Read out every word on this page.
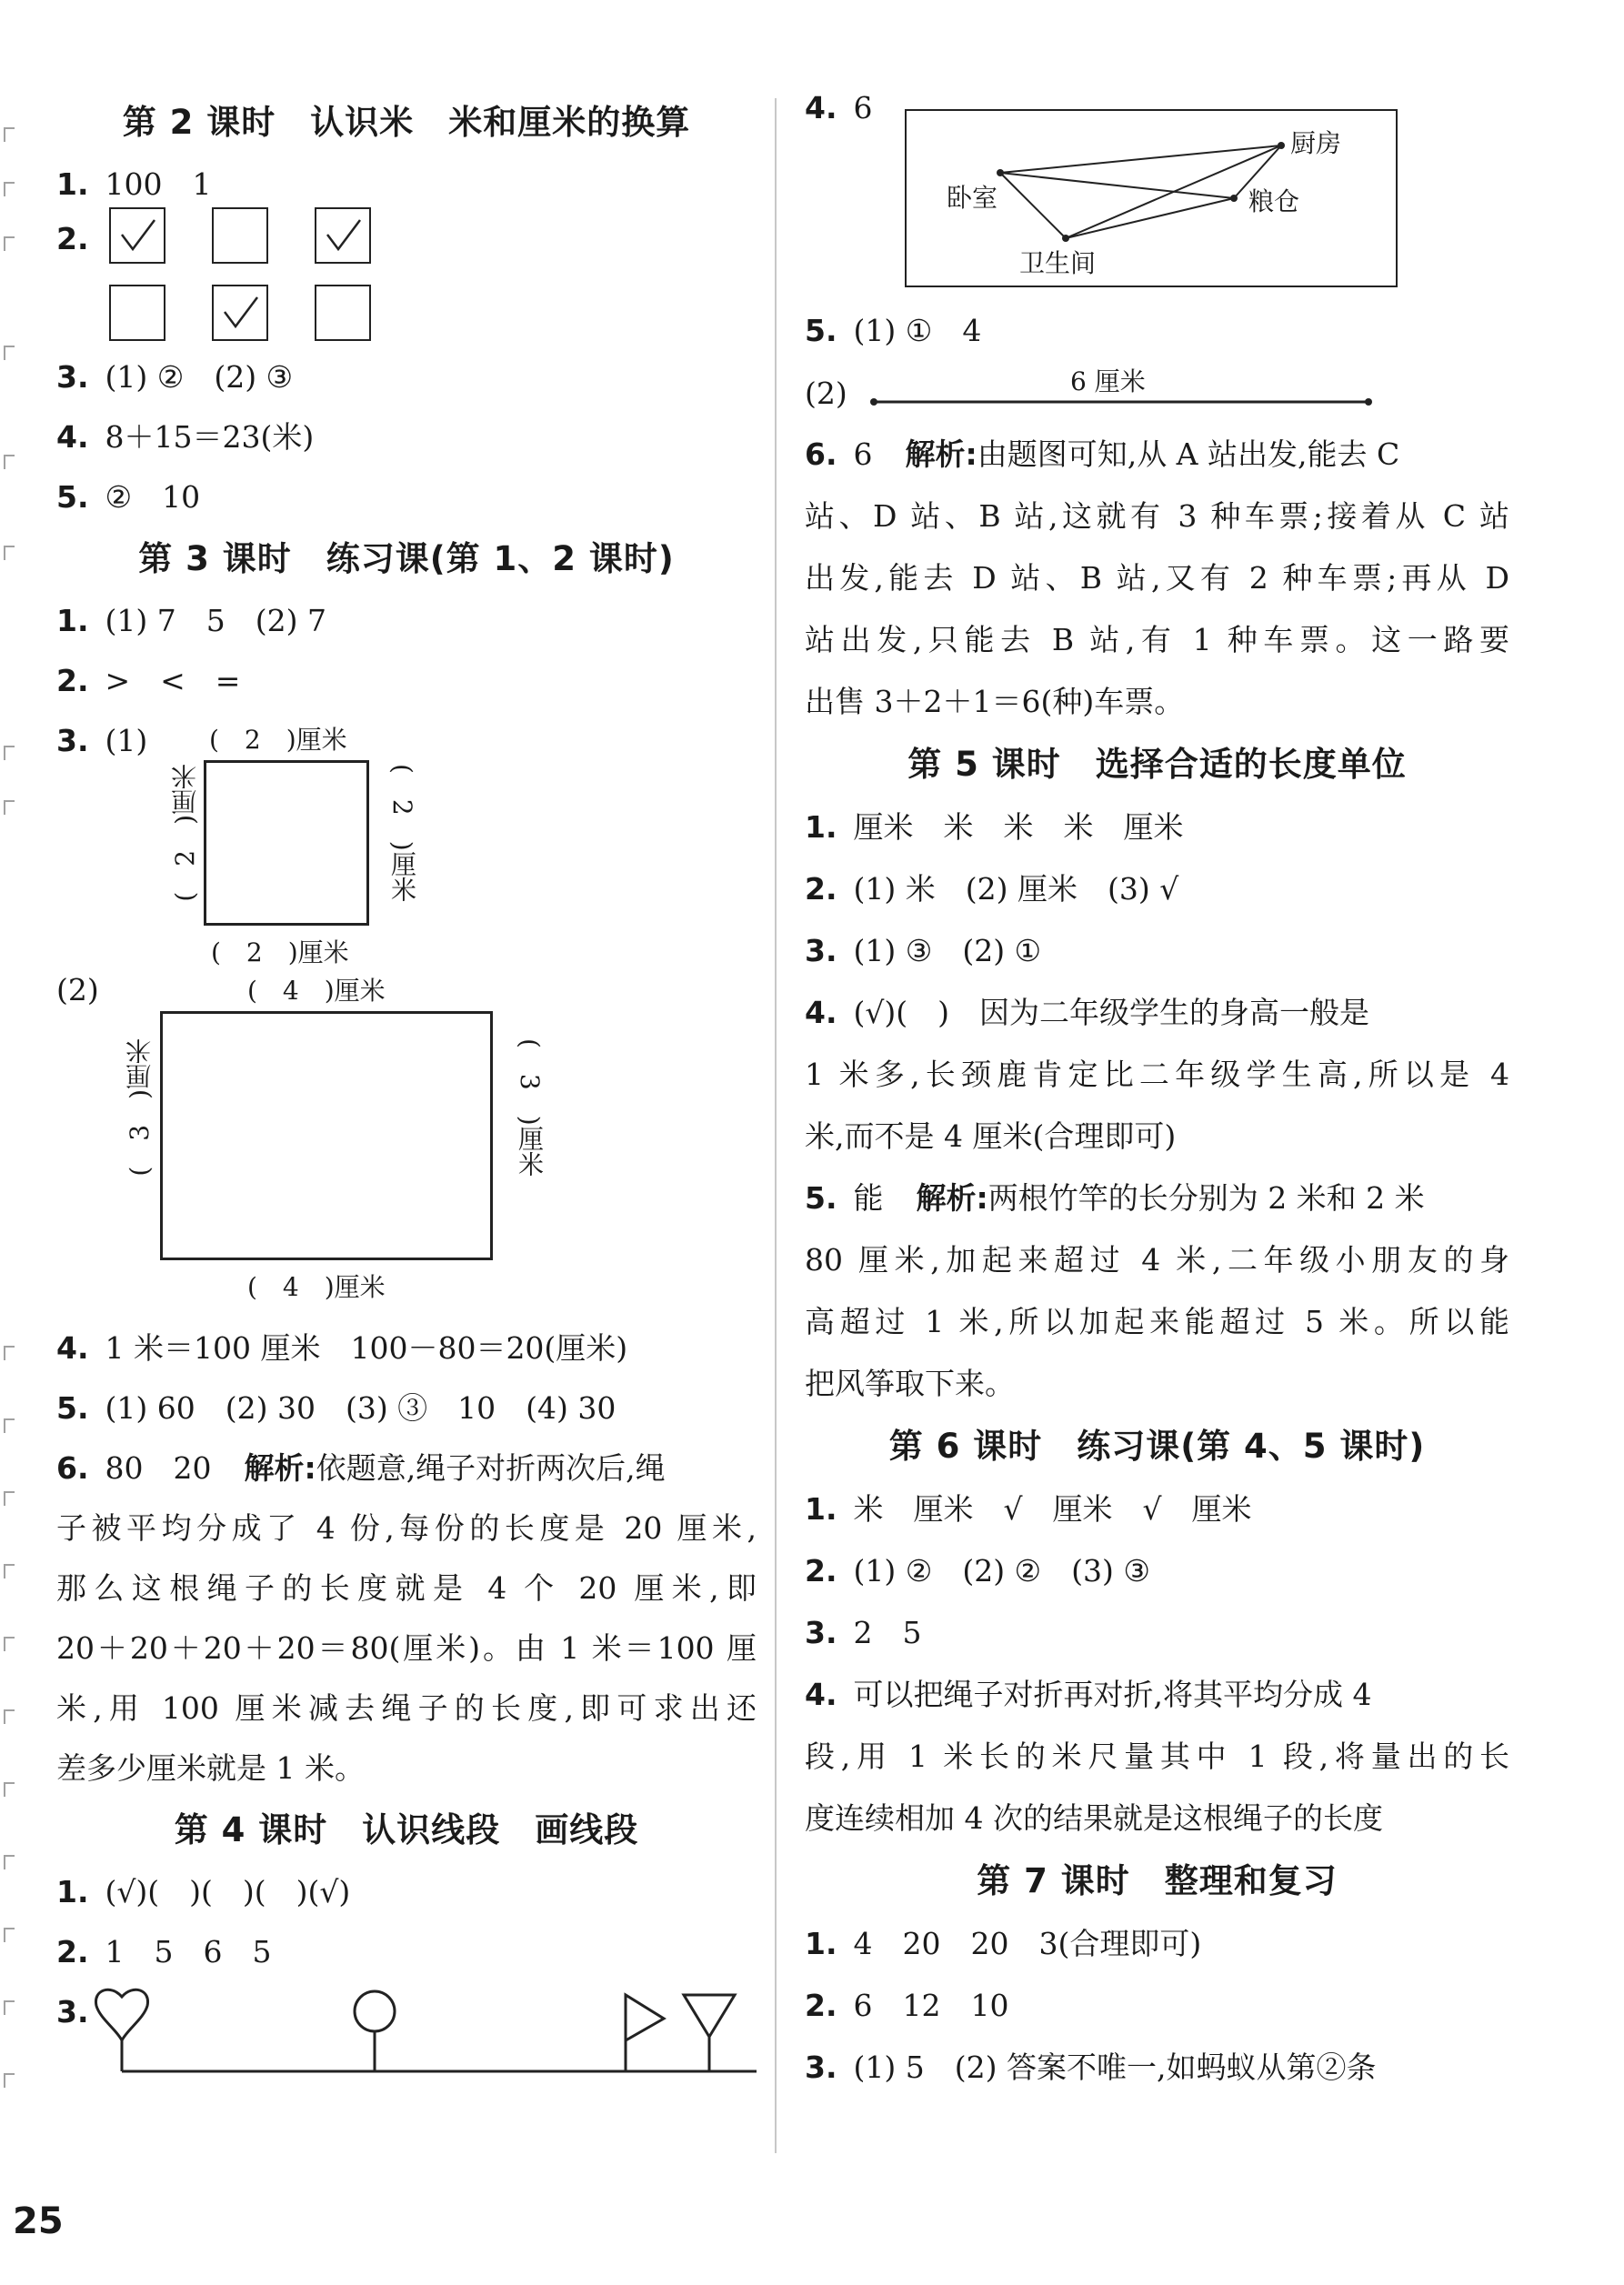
第 2 课时　认识米　米和厘米的换算
1. 100　1
2.
3. (1) ②　(2) ③
4. 8＋15＝23(米)
5. ②　10
第 3 课时　练习课(第 1、2 课时)
1. (1) 7　5　(2) 7
2. >　<　=
3. (1) (　2　)厘米
(　2　)厘米	(　2　)厘米
(　2　)厘米
(2)	(　4　)厘米
(　3　)厘米	(　3　)厘米
(　4　)厘米
4. 1 米＝100 厘米　100－80＝20(厘米)
5. (1) 60　(2) 30　(3) ③　10　(4) 30
6. 80　20 解析:依题意,绳子对折两次后,绳
子被平均分成了 4 份,每份的长度是 20 厘米,
那么这根绳子的长度就是 4 个 20 厘米,即
20＋20＋20＋20＝80(厘米)。由 1 米＝100 厘
米,用 100 厘米减去绳子的长度,即可求出还
差多少厘米就是 1 米。
第 4 课时　认识线段　画线段
1. (√)(　)(　)(　)(√)
2. 1　5　6　5
3.
4. 6
厨房
卧室	粮仓
卫生间
5. (1) ①　4
(2)	6 厘米
6. 6 解析:由题图可知,从 A 站出发,能去 C
站、D 站、B 站,这就有 3 种车票;接着从 C 站
出发,能去 D 站、B 站,又有 2 种车票;再从 D
站出发,只能去 B 站,有 1 种车票。这一路要
出售 3＋2＋1＝6(种)车票。
第 5 课时　选择合适的长度单位
1. 厘米　米　米　米　厘米
2. (1) 米　(2) 厘米　(3) √
3. (1) ③　(2) ①
4. (√)(　)　因为二年级学生的身高一般是
1 米多,长颈鹿肯定比二年级学生高,所以是 4
米,而不是 4 厘米(合理即可)
5. 能 解析:两根竹竿的长分别为 2 米和 2 米
80 厘米,加起来超过 4 米,二年级小朋友的身
高超过 1 米,所以加起来能超过 5 米。所以能
把风筝取下来。
第 6 课时　练习课(第 4、5 课时)
1. 米　厘米　√　厘米　√　厘米
2. (1) ②　(2) ②　(3) ③
3. 2　5
4. 可以把绳子对折再对折,将其平均分成 4
段,用 1 米长的米尺量其中 1 段,将量出的长
度连续相加 4 次的结果就是这根绳子的长度
第 7 课时　整理和复习
1. 4　20　20　3(合理即可)
2. 6　12　10
3. (1) 5　(2) 答案不唯一,如蚂蚁从第②条
25
